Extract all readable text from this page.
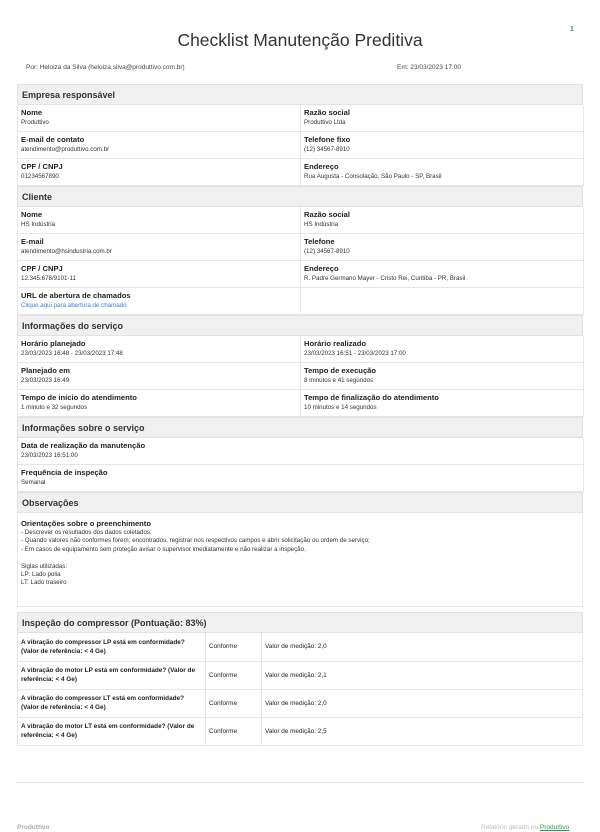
1
Checklist Manutenção Preditiva
Por: Heloiza da Silva (heloiza.silva@produttivo.com.br)	Em: 23/03/2023 17:00
Empresa responsável
Nome
Produttivo
Razão social
Produttivo Ltda
E-mail de contato
atendimento@produttivo.com.br
Telefone fixo
(12) 34567-8910
CPF / CNPJ
01234567890
Endereço
Rua Augusta - Consolação, São Paulo - SP, Brasil
Cliente
Nome
HS Indústria
Razão social
HS Indústria
E-mail
atendimento@hsindustria.com.br
Telefone
(12) 34567-8910
CPF / CNPJ
12.345.678/9101-11
Endereço
R. Padre Germano Mayer - Cristo Rei, Curitiba - PR, Brasil
URL de abertura de chamados
Clique aqui para abertura de chamado
Informações do serviço
Horário planejado
23/03/2023 16:48 - 23/03/2023 17:48
Horário realizado
23/03/2023 16:51 - 23/03/2023 17:00
Planejado em
23/03/2023 16:49
Tempo de execução
8 minutos e 41 segundos
Tempo de início do atendimento
1 minuto e 32 segundos
Tempo de finalização do atendimento
10 minutos e 14 segundos
Informações sobre o serviço
Data de realização da manutenção
23/03/2023 16:51:00
Frequência de inspeção
Semanal
Observações
Orientações sobre o preenchimento
- Descrever os resultados dos dados coletados;
- Quando valores não conformes forem; encontrados, registrar nos respectivos campos e abrir solicitação ou ordem de serviço;
- Em casos de equipamento sem proteção avisar o supervisor imediatamente e não realizar a inspeção.

Siglas utilizadas:
LP: Lado polia
LT: Lado traseiro
Inspeção do compressor (Pontuação: 83%)
A vibração do compressor LP está em conformidade? (Valor de referência: < 4 Ge)	Conforme	Valor de medição: 2,0
A vibração do motor LP está em conformidade? (Valor de referência: < 4 Ge)	Conforme	Valor de medição: 2,1
A vibração do compressor LT está em conformidade? (Valor de referência: < 4 Ge)	Conforme	Valor de medição: 2,0
A vibração do motor LT está em conformidade? (Valor de referência: < 4 Ge)	Conforme	Valor de medição: 2,5
Produttivo	Relatório gerado no Produttivo
